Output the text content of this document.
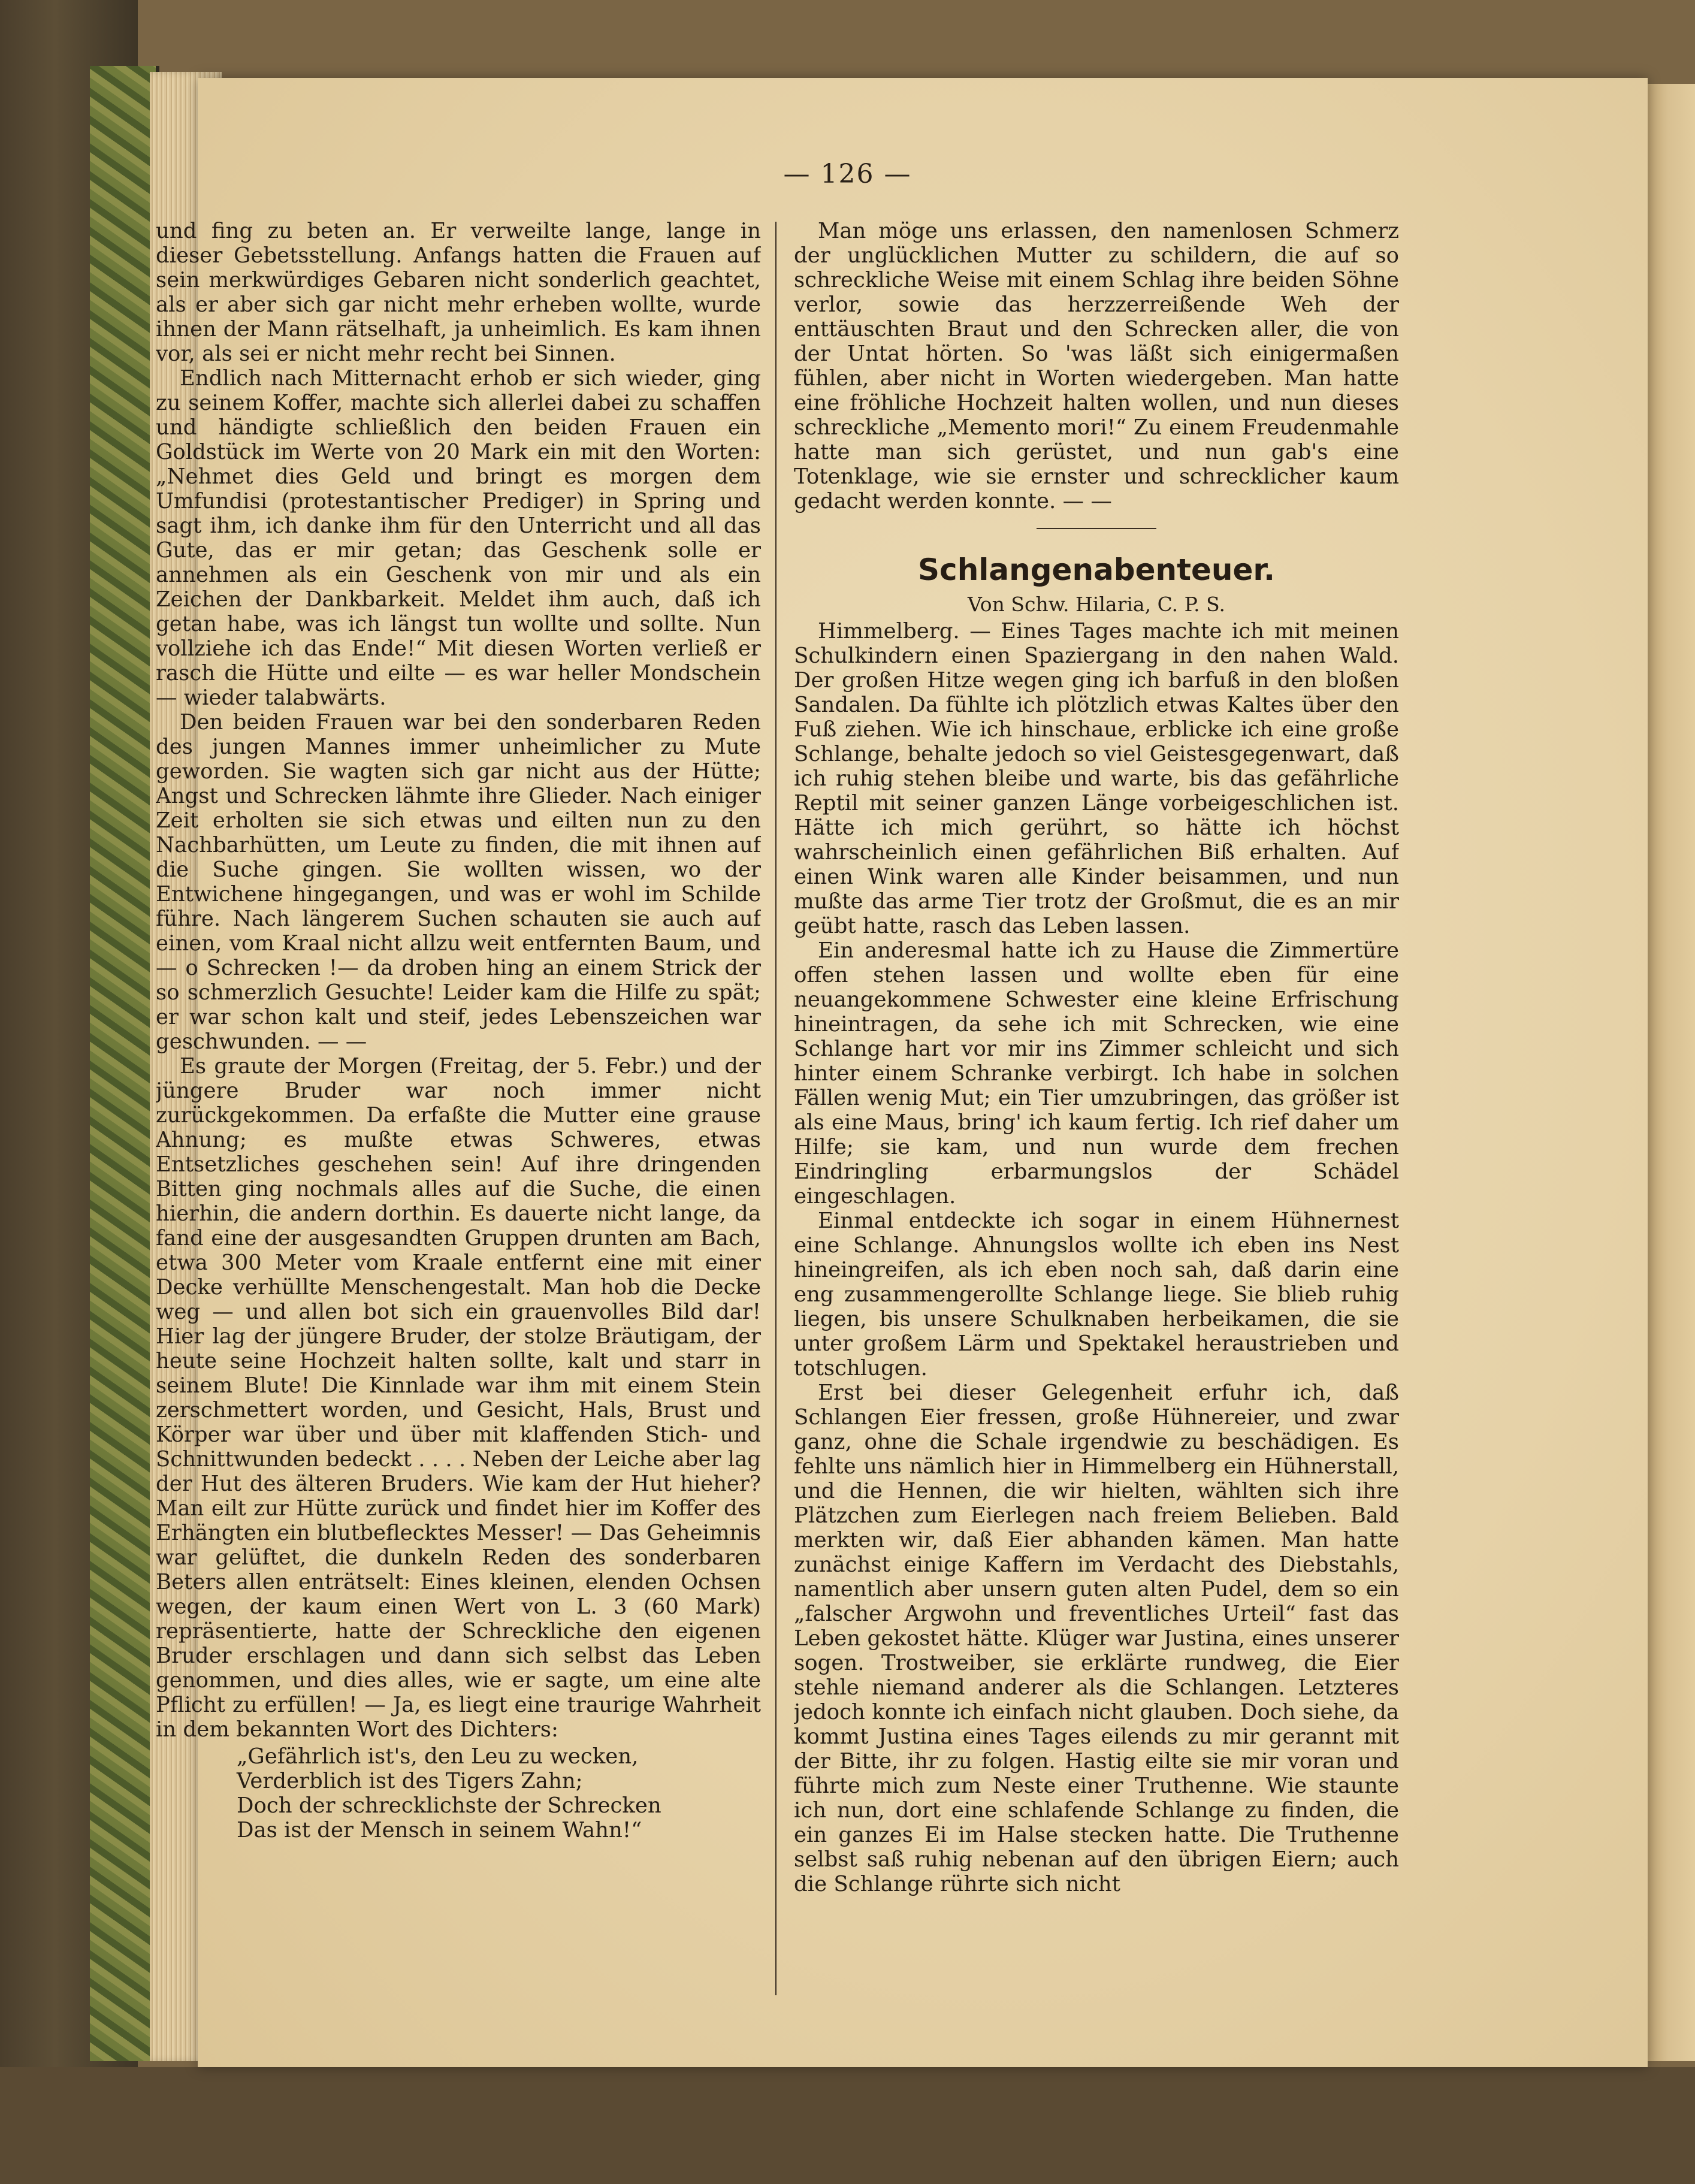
— 126 —

und fing zu beten an. Er verweilte lange, lange in dieser Gebetsstellung. Anfangs hatten die Frauen auf sein merkwürdiges Gebaren nicht sonderlich geachtet, als er aber sich gar nicht mehr erheben wollte, wurde ihnen der Mann rätselhaft, ja unheimlich. Es kam ihnen vor, als sei er nicht mehr recht bei Sinnen.

Endlich nach Mitternacht erhob er sich wieder, ging zu seinem Koffer, machte sich allerlei dabei zu schaffen und händigte schließlich den beiden Frauen ein Goldstück im Werte von 20 Mark ein mit den Worten: „Nehmet dies Geld und bringt es morgen dem Umfundisi (protestantischer Prediger) in Spring und sagt ihm, ich danke ihm für den Unterricht und all das Gute, das er mir getan; das Geschenk solle er annehmen als ein Geschenk von mir und als ein Zeichen der Dankbarkeit. Meldet ihm auch, daß ich getan habe, was ich längst tun wollte und sollte. Nun vollziehe ich das Ende!“ Mit diesen Worten verließ er rasch die Hütte und eilte — es war heller Mondschein — wieder talabwärts.

Den beiden Frauen war bei den sonderbaren Reden des jungen Mannes immer unheimlicher zu Mute geworden. Sie wagten sich gar nicht aus der Hütte; Angst und Schrecken lähmte ihre Glieder. Nach einiger Zeit erholten sie sich etwas und eilten nun zu den Nachbarhütten, um Leute zu finden, die mit ihnen auf die Suche gingen. Sie wollten wissen, wo der Entwichene hingegangen, und was er wohl im Schilde führe. Nach längerem Suchen schauten sie auch auf einen, vom Kraal nicht allzu weit entfernten Baum, und — o Schrecken !— da droben hing an einem Strick der so schmerzlich Gesuchte! Leider kam die Hilfe zu spät; er war schon kalt und steif, jedes Lebenszeichen war geschwunden. — —

Es graute der Morgen (Freitag, der 5. Febr.) und der jüngere Bruder war noch immer nicht zurückgekommen. Da erfaßte die Mutter eine grause Ahnung; es mußte etwas Schweres, etwas Entsetzliches geschehen sein! Auf ihre dringenden Bitten ging nochmals alles auf die Suche, die einen hierhin, die andern dorthin. Es dauerte nicht lange, da fand eine der ausgesandten Gruppen drunten am Bach, etwa 300 Meter vom Kraale entfernt eine mit einer Decke verhüllte Menschengestalt. Man hob die Decke weg — und allen bot sich ein grauenvolles Bild dar! Hier lag der jüngere Bruder, der stolze Bräutigam, der heute seine Hochzeit halten sollte, kalt und starr in seinem Blute! Die Kinnlade war ihm mit einem Stein zerschmettert worden, und Gesicht, Hals, Brust und Körper war über und über mit klaffenden Stich- und Schnittwunden bedeckt . . . . Neben der Leiche aber lag der Hut des älteren Bruders. Wie kam der Hut hieher? Man eilt zur Hütte zurück und findet hier im Koffer des Erhängten ein blutbeflecktes Messer! — Das Geheimnis war gelüftet, die dunkeln Reden des sonderbaren Beters allen enträtselt: Eines kleinen, elenden Ochsen wegen, der kaum einen Wert von L. 3 (60 Mark) repräsentierte, hatte der Schreckliche den eigenen Bruder erschlagen und dann sich selbst das Leben genommen, und dies alles, wie er sagte, um eine alte Pflicht zu erfüllen! — Ja, es liegt eine traurige Wahrheit in dem bekannten Wort des Dichters:

„Gefährlich ist's, den Leu zu wecken,
Verderblich ist des Tigers Zahn;
Doch der schrecklichste der Schrecken
Das ist der Mensch in seinem Wahn!“

Man möge uns erlassen, den namenlosen Schmerz der unglücklichen Mutter zu schildern, die auf so schreckliche Weise mit einem Schlag ihre beiden Söhne verlor, sowie das herzzerreißende Weh der enttäuschten Braut und den Schrecken aller, die von der Untat hörten. So 'was läßt sich einigermaßen fühlen, aber nicht in Worten wiedergeben. Man hatte eine fröhliche Hochzeit halten wollen, und nun dieses schreckliche „Memento mori!“ Zu einem Freudenmahle hatte man sich gerüstet, und nun gab's eine Totenklage, wie sie ernster und schrecklicher kaum gedacht werden konnte. — —

Schlangenabenteuer.
Von Schw. Hilaria, C. P. S.

Himmelberg. — Eines Tages machte ich mit meinen Schulkindern einen Spaziergang in den nahen Wald. Der großen Hitze wegen ging ich barfuß in den bloßen Sandalen. Da fühlte ich plötzlich etwas Kaltes über den Fuß ziehen. Wie ich hinschaue, erblicke ich eine große Schlange, behalte jedoch so viel Geistesgegenwart, daß ich ruhig stehen bleibe und warte, bis das gefährliche Reptil mit seiner ganzen Länge vorbeigeschlichen ist. Hätte ich mich gerührt, so hätte ich höchst wahrscheinlich einen gefährlichen Biß erhalten. Auf einen Wink waren alle Kinder beisammen, und nun mußte das arme Tier trotz der Großmut, die es an mir geübt hatte, rasch das Leben lassen.

Ein anderesmal hatte ich zu Hause die Zimmertüre offen stehen lassen und wollte eben für eine neuangekommene Schwester eine kleine Erfrischung hineintragen, da sehe ich mit Schrecken, wie eine Schlange hart vor mir ins Zimmer schleicht und sich hinter einem Schranke verbirgt. Ich habe in solchen Fällen wenig Mut; ein Tier umzubringen, das größer ist als eine Maus, bring' ich kaum fertig. Ich rief daher um Hilfe; sie kam, und nun wurde dem frechen Eindringling erbarmungslos der Schädel eingeschlagen.

Einmal entdeckte ich sogar in einem Hühnernest eine Schlange. Ahnungslos wollte ich eben ins Nest hineingreifen, als ich eben noch sah, daß darin eine eng zusammengerollte Schlange liege. Sie blieb ruhig liegen, bis unsere Schulknaben herbeikamen, die sie unter großem Lärm und Spektakel heraustrieben und totschlugen.

Erst bei dieser Gelegenheit erfuhr ich, daß Schlangen Eier fressen, große Hühnereier, und zwar ganz, ohne die Schale irgendwie zu beschädigen. Es fehlte uns nämlich hier in Himmelberg ein Hühnerstall, und die Hennen, die wir hielten, wählten sich ihre Plätzchen zum Eierlegen nach freiem Belieben. Bald merkten wir, daß Eier abhanden kämen. Man hatte zunächst einige Kaffern im Verdacht des Diebstahls, namentlich aber unsern guten alten Pudel, dem so ein „falscher Argwohn und freventliches Urteil“ fast das Leben gekostet hätte. Klüger war Justina, eines unserer sogen. Trostweiber, sie erklärte rundweg, die Eier stehle niemand anderer als die Schlangen. Letzteres jedoch konnte ich einfach nicht glauben. Doch siehe, da kommt Justina eines Tages eilends zu mir gerannt mit der Bitte, ihr zu folgen. Hastig eilte sie mir voran und führte mich zum Neste einer Truthenne. Wie staunte ich nun, dort eine schlafende Schlange zu finden, die ein ganzes Ei im Halse stecken hatte. Die Truthenne selbst saß ruhig nebenan auf den übrigen Eiern; auch die Schlange rührte sich nicht
